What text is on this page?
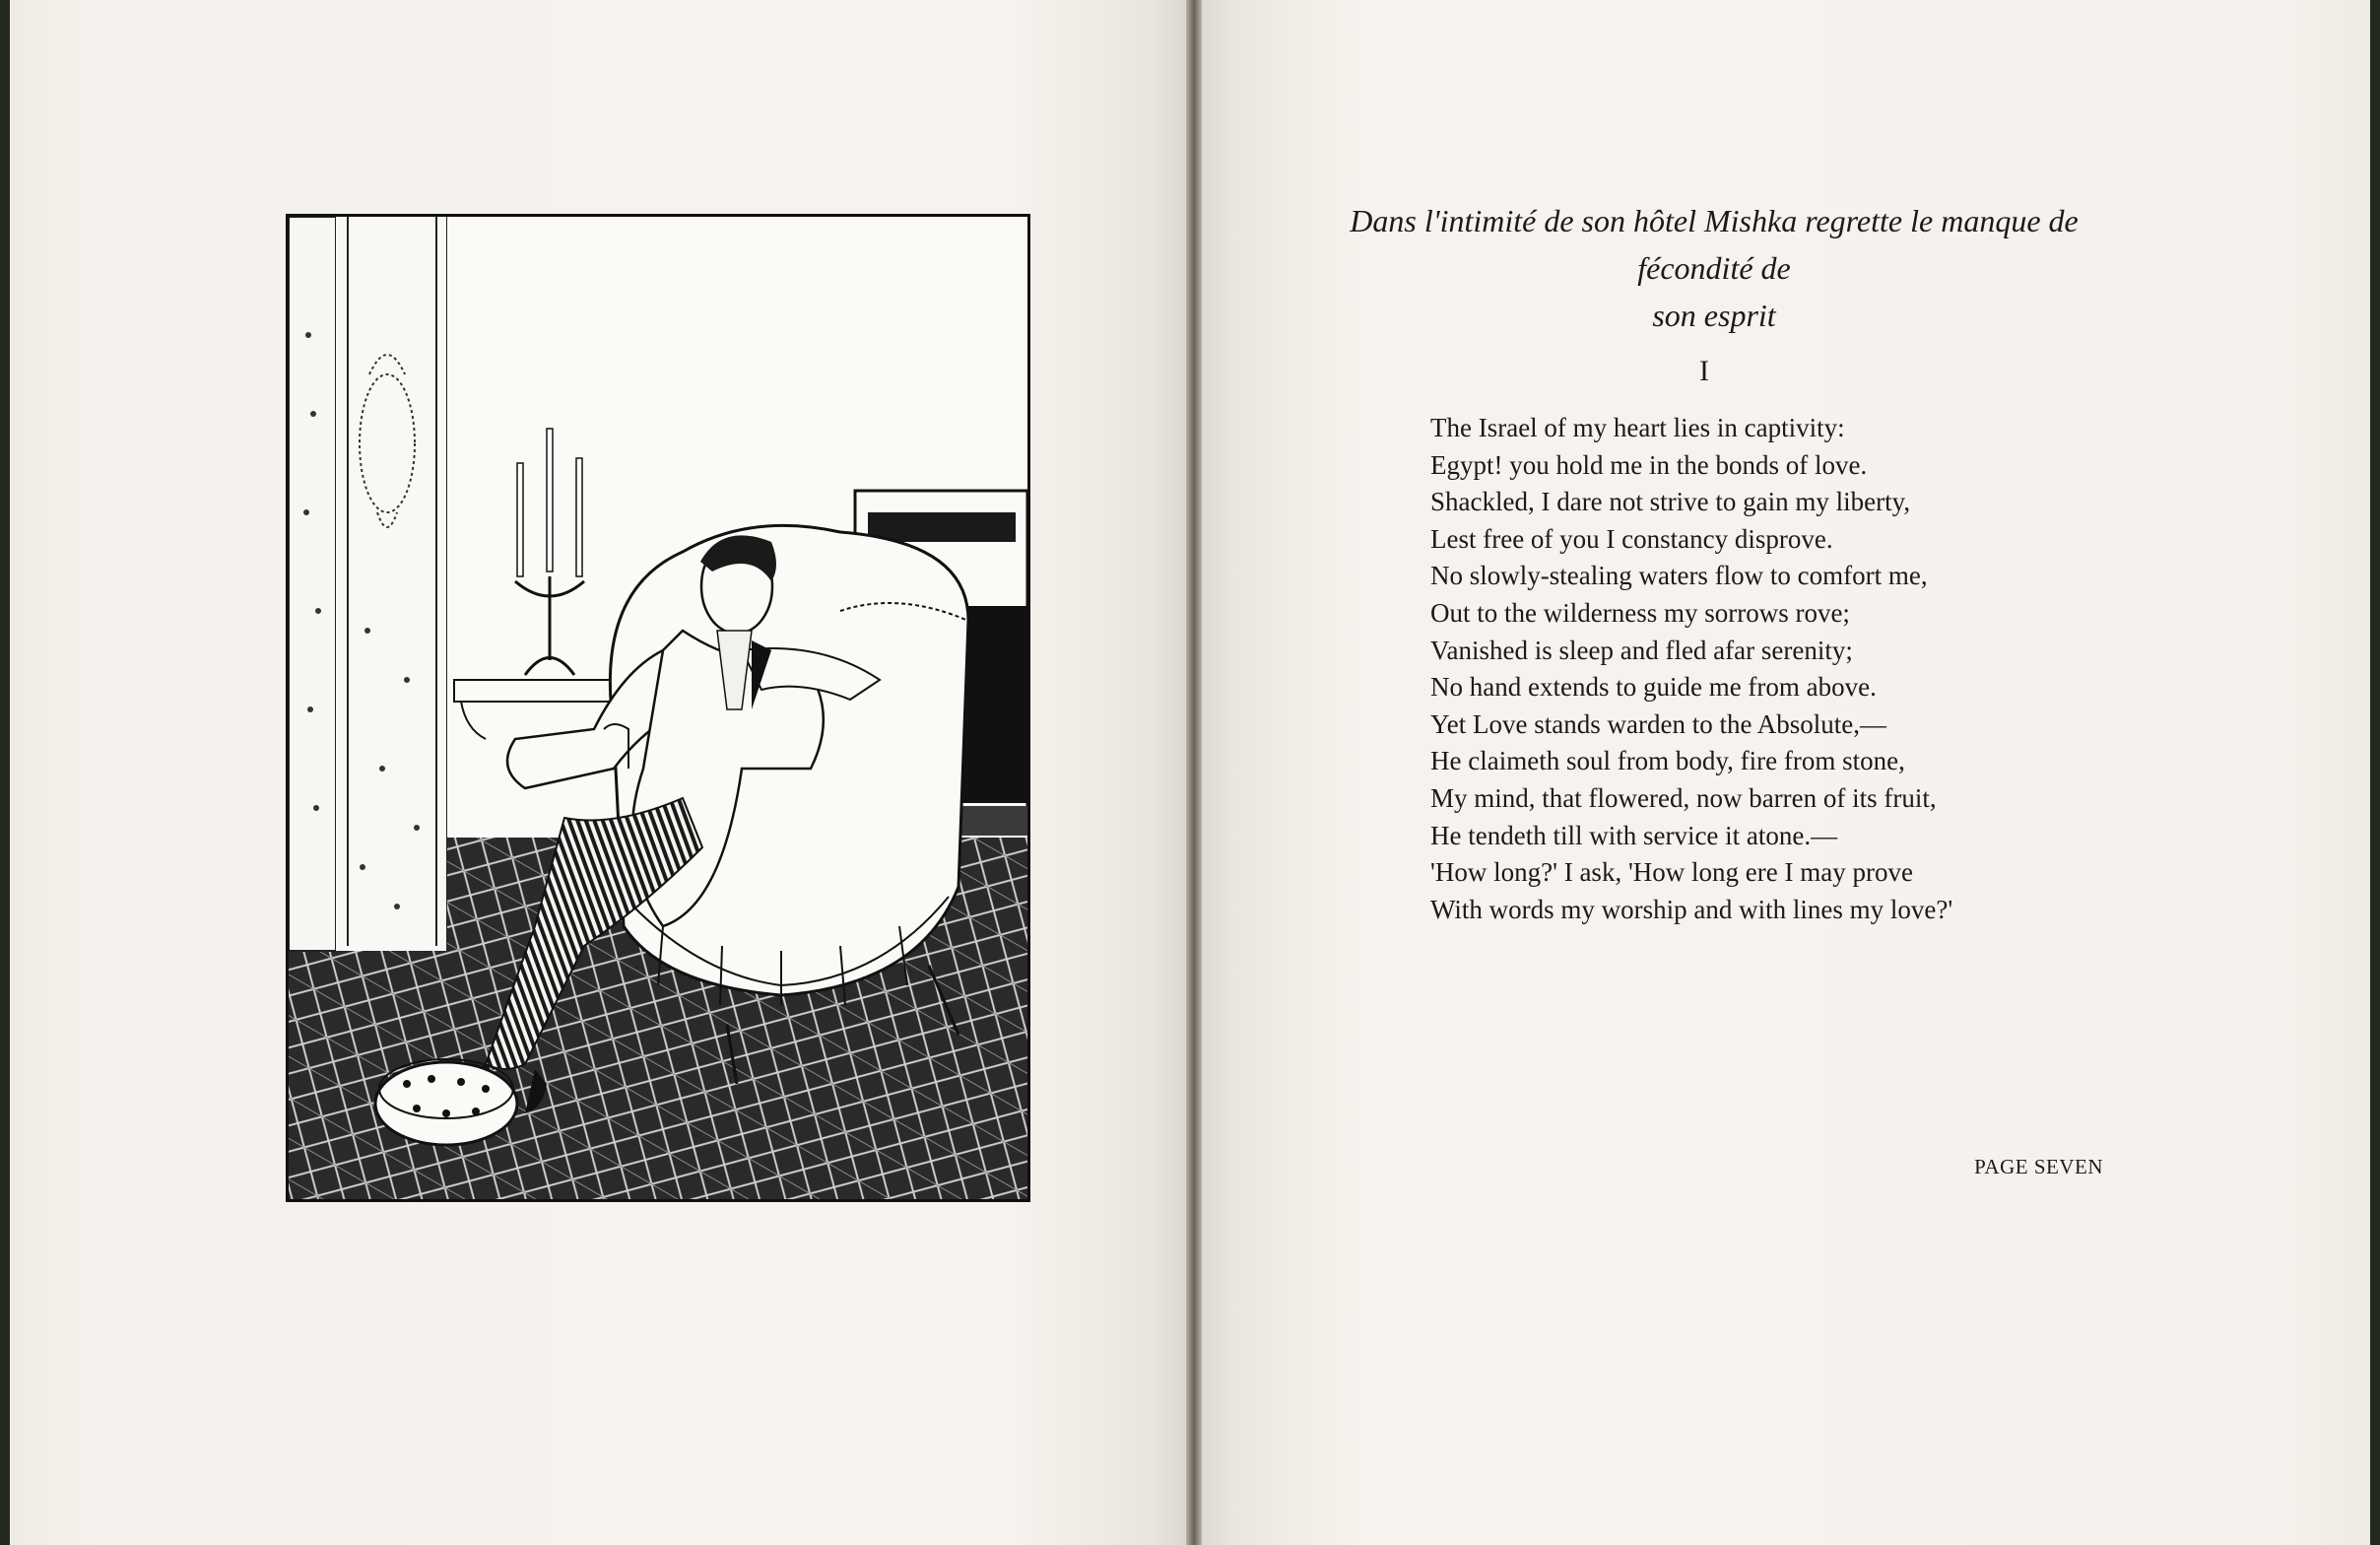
Dans l'intimité de son hôtel Mishka regrette le manque de fécondité de
son esprit
I
The Israel of my heart lies in captivity:
Egypt! you hold me in the bonds of love.
Shackled, I dare not strive to gain my liberty,
Lest free of you I constancy disprove.
No slowly-stealing waters flow to comfort me,
Out to the wilderness my sorrows rove;
Vanished is sleep and fled afar serenity;
No hand extends to guide me from above.
Yet Love stands warden to the Absolute,—
He claimeth soul from body, fire from stone,
My mind, that flowered, now barren of its fruit,
He tendeth till with service it atone.—
'How long?' I ask, 'How long ere I may prove
With words my worship and with lines my love?'
PAGE SEVEN
